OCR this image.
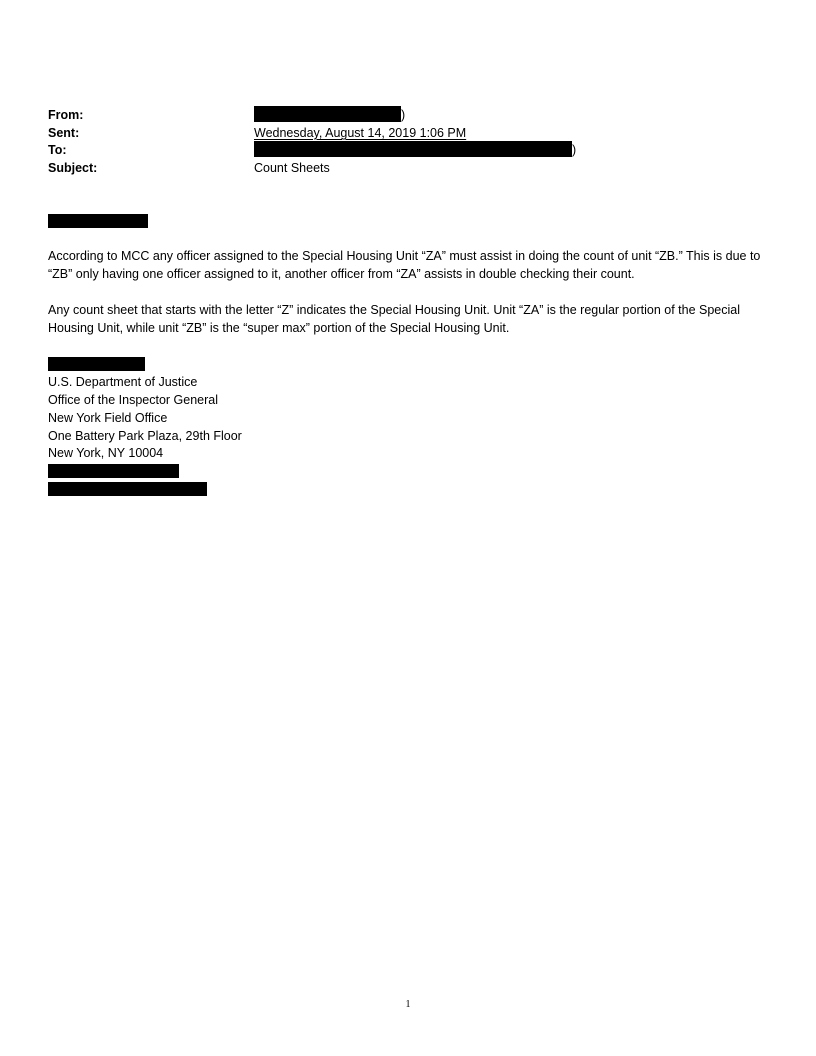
From:	)
Sent:	Wednesday, August 14, 2019 1:06 PM
To:	)
Subject:	Count Sheets

According to MCC any officer assigned to the Special Housing Unit “ZA” must assist in doing the count of unit “ZB.” This is due to “ZB” only having one officer assigned to it, another officer from “ZA” assists in double checking their count.

Any count sheet that starts with the letter “Z” indicates the Special Housing Unit. Unit “ZA” is the regular portion of the Special Housing Unit, while unit “ZB” is the “super max” portion of the Special Housing Unit.

U.S. Department of Justice
Office of the Inspector General
New York Field Office
One Battery Park Plaza, 29th Floor
New York, NY 10004
1
